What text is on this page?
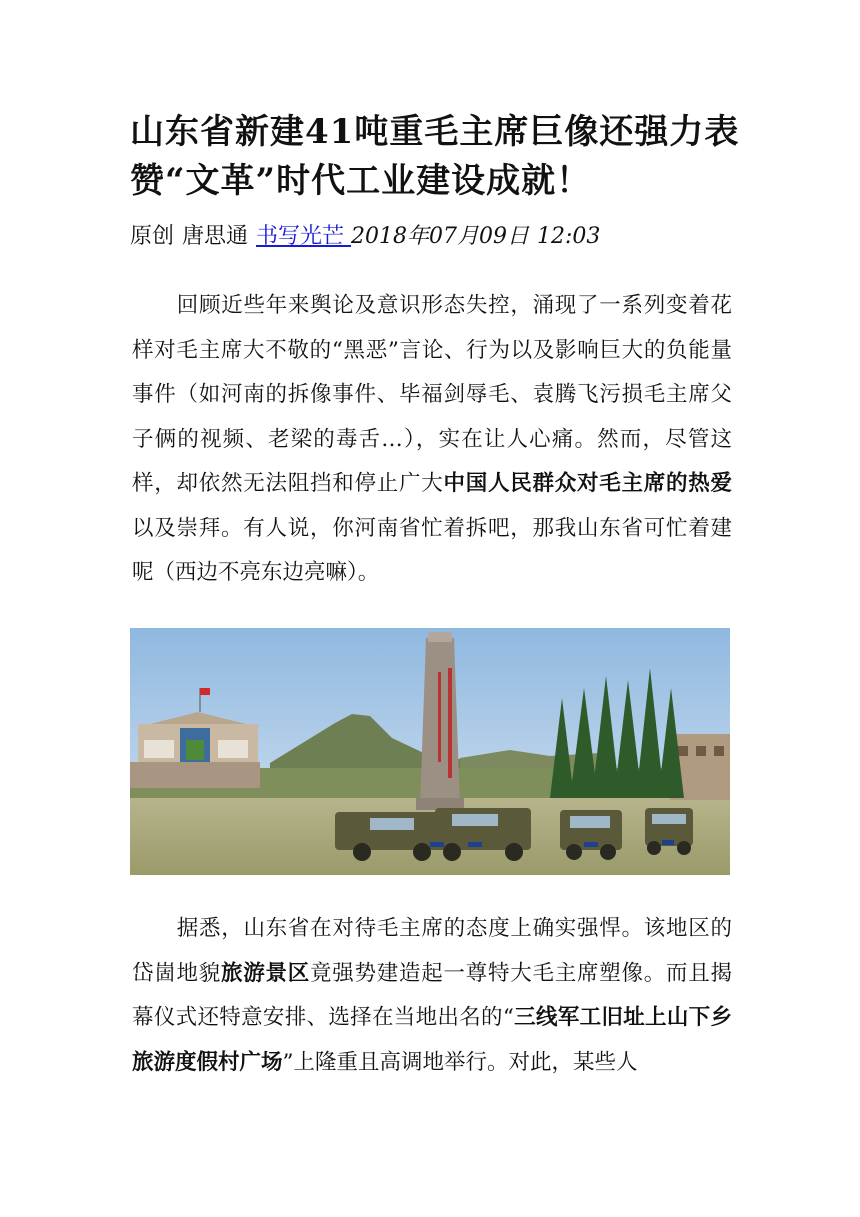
山东省新建41吨重毛主席巨像还强力表赞“文革”时代工业建设成就！
原创 唐思通 书写光芒 2018年07月09日 12:03

回顾近些年来舆论及意识形态失控，涌现了一系列变着花样对毛主席大不敬的“黑恶”言论、行为以及影响巨大的负能量事件（如河南的拆像事件、毕福剑辱毛、袁腾飞污损毛主席父子俩的视频、老梁的毒舌…），实在让人心痛。然而，尽管这样，却依然无法阻挡和停止广大中国人民群众对毛主席的热爱以及崇拜。有人说，你河南省忙着拆吧，那我山东省可忙着建呢（西边不亮东边亮嘛）。

据悉，山东省在对待毛主席的态度上确实强悍。该地区的岱崮地貌旅游景区竟强势建造起一尊特大毛主席塑像。而且揭幕仪式还特意安排、选择在当地出名的“三线军工旧址上山下乡旅游度假村广场”上隆重且高调地举行。对此，某些人
